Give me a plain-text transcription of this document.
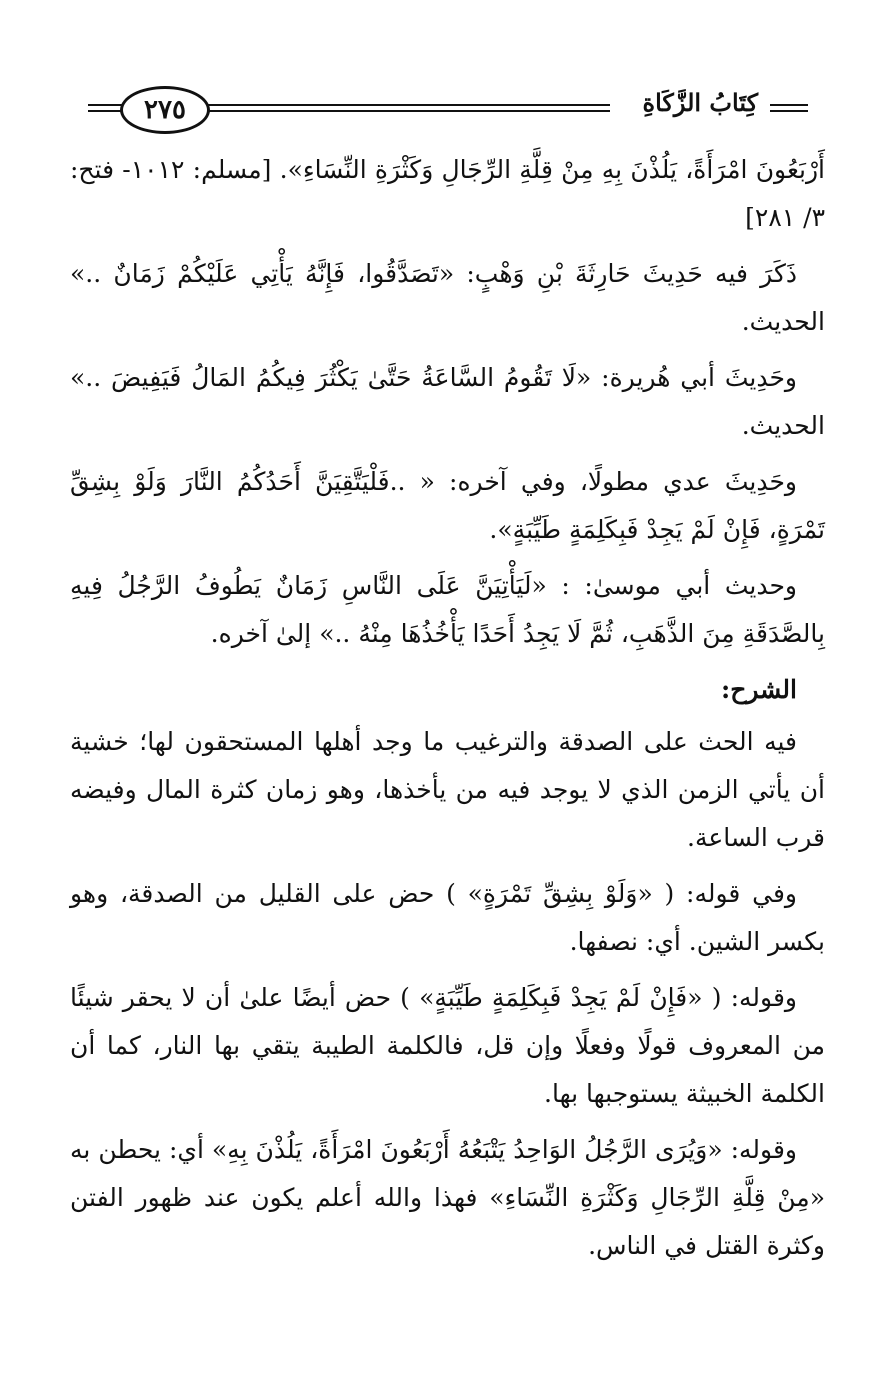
٢٧٥	كِتَابُ الزَّكَاةِ

أَرْبَعُونَ امْرَأَةً، يَلُذْنَ بِهِ مِنْ قِلَّةِ الرِّجَالِ وَكَثْرَةِ النِّسَاءِ». [مسلم: ١٠١٢- فتح: ٣/ ٢٨١]

ذَكَرَ فيه حَدِيثَ حَارِثَةَ بْنِ وَهْبٍ: «تَصَدَّقُوا، فَإِنَّهُ يَأْتِي عَلَيْكُمْ زَمَانٌ ..» الحديث.

وحَدِيثَ أبي هُريرة: «لَا تَقُومُ السَّاعَةُ حَتَّىٰ يَكْثُرَ فِيكُمُ المَالُ فَيَفِيضَ ..» الحديث.

وحَدِيثَ عدي مطولًا، وفي آخره: « ..فَلْيَتَّقِيَنَّ أَحَدُكُمُ النَّارَ وَلَوْ بِشِقِّ تَمْرَةٍ، فَإِنْ لَمْ يَجِدْ فَبِكَلِمَةٍ طَيِّبَةٍ».

وحديث أبي موسىٰ: : «لَيَأْتِيَنَّ عَلَى النَّاسِ زَمَانٌ يَطُوفُ الرَّجُلُ فِيهِ بِالصَّدَقَةِ مِنَ الذَّهَبِ، ثُمَّ لَا يَجِدُ أَحَدًا يَأْخُذُهَا مِنْهُ ..» إلىٰ آخره.

الشرح:

فيه الحث على الصدقة والترغيب ما وجد أهلها المستحقون لها؛ خشية أن يأتي الزمن الذي لا يوجد فيه من يأخذها، وهو زمان كثرة المال وفيضه قرب الساعة.

وفي قوله: ( «وَلَوْ بِشِقِّ تَمْرَةٍ» ) حض على القليل من الصدقة، وهو بكسر الشين. أي: نصفها.

وقوله: ( «فَإِنْ لَمْ يَجِدْ فَبِكَلِمَةٍ طَيِّبَةٍ» ) حض أيضًا علىٰ أن لا يحقر شيئًا من المعروف قولًا وفعلًا وإن قل، فالكلمة الطيبة يتقي بها النار، كما أن الكلمة الخبيثة يستوجبها بها.

وقوله: «وَيُرَى الرَّجُلُ الوَاحِدُ يَتْبَعُهُ أَرْبَعُونَ امْرَأَةً، يَلُذْنَ بِهِ» أي: يحطن به «مِنْ قِلَّةِ الرِّجَالِ وَكَثْرَةِ النِّسَاءِ» فهذا والله أعلم يكون عند ظهور الفتن وكثرة القتل في الناس.
